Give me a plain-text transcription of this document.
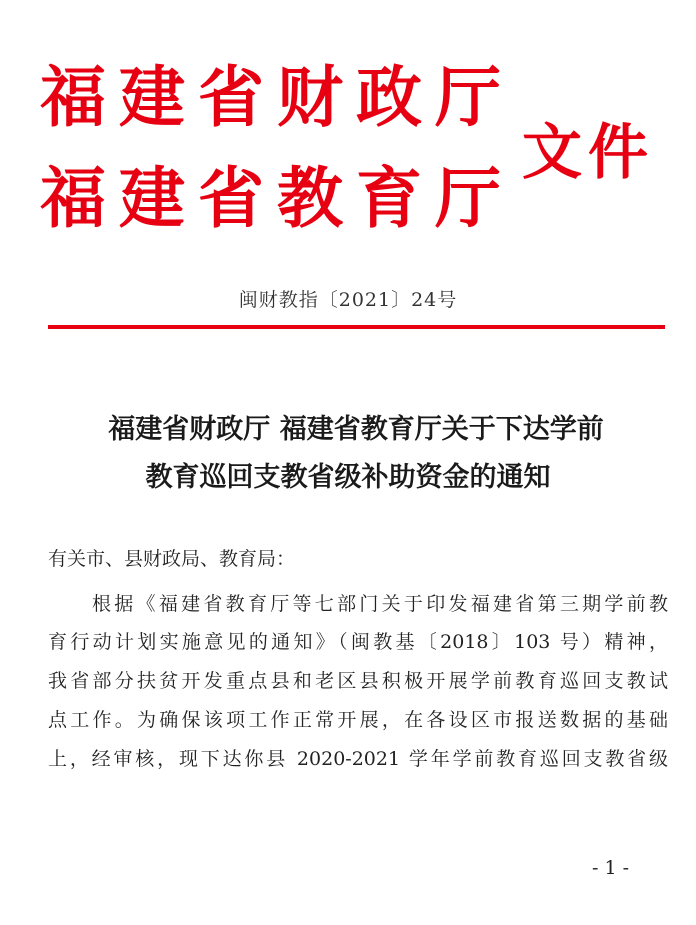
福建省财政厅
福建省教育厅
文件
闽财教指〔2021〕24号
福建省财政厅 福建省教育厅关于下达学前
教育巡回支教省级补助资金的通知
有关市、县财政局、教育局：
根据《福建省教育厅等七部门关于印发福建省第三期学前教
育行动计划实施意见的通知》（闽教基〔2018〕103 号）精神，
我省部分扶贫开发重点县和老区县积极开展学前教育巡回支教试
点工作。为确保该项工作正常开展，在各设区市报送数据的基础
上，经审核，现下达你县 2020-2021 学年学前教育巡回支教省级
- 1 -
